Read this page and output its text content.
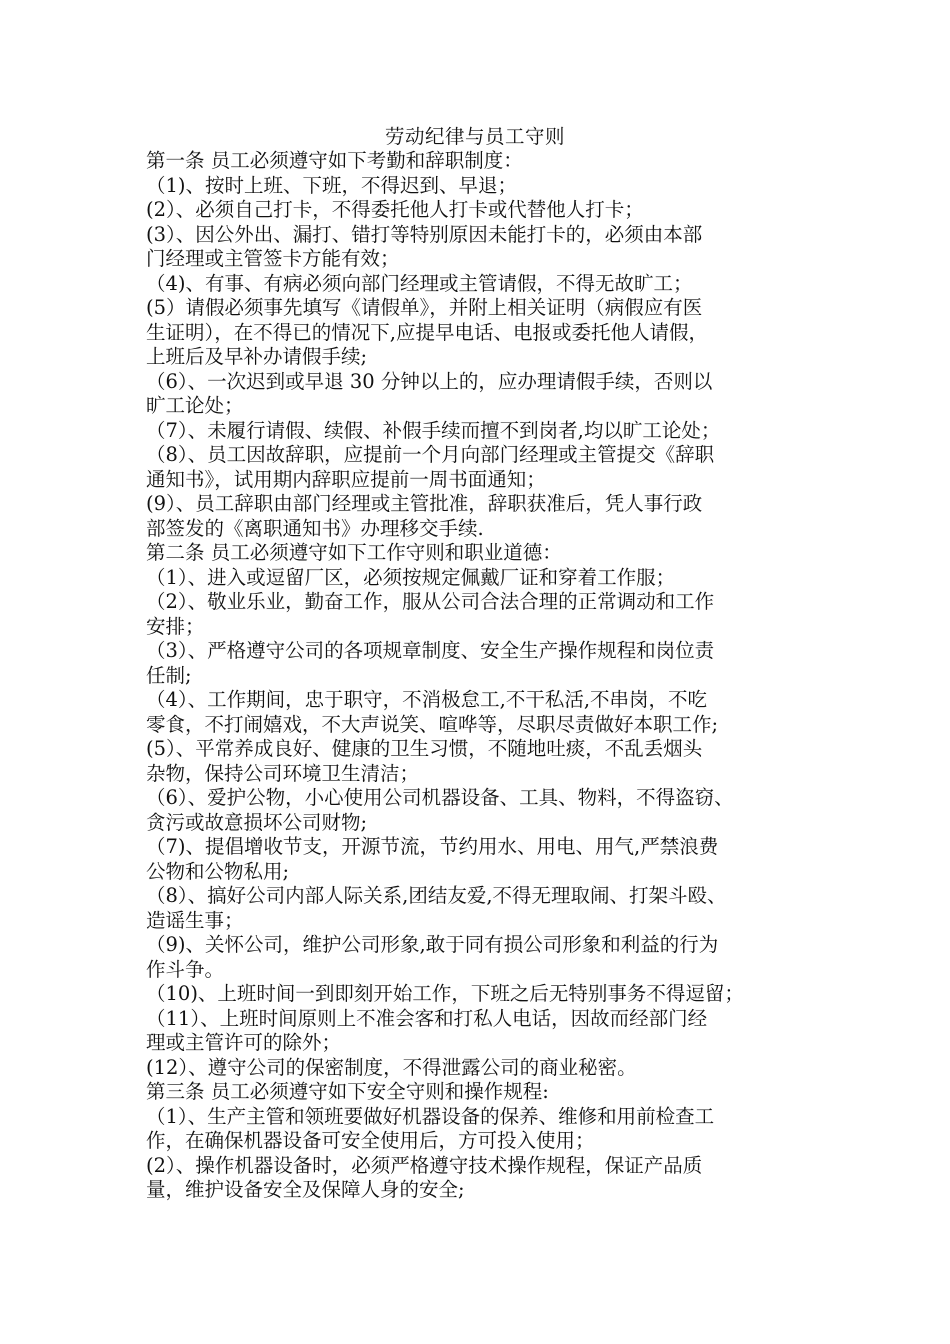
劳动纪律与员工守则
第一条 员工必须遵守如下考勤和辞职制度：
（1)、按时上班、下班，不得迟到、早退；
(2）、必须自己打卡，不得委托他人打卡或代替他人打卡；
(3）、因公外出、漏打、错打等特别原因未能打卡的，必须由本部
门经理或主管签卡方能有效；
（4)、有事、有病必须向部门经理或主管请假，不得无故旷工；
(5）请假必须事先填写《请假单》，并附上相关证明（病假应有医
生证明），在不得已的情况下,应提早电话、电报或委托他人请假，
上班后及早补办请假手续;
（6）、一次迟到或早退 30 分钟以上的，应办理请假手续，否则以
旷工论处；
（7）、未履行请假、续假、补假手续而擅不到岗者,均以旷工论处；
（8）、员工因故辞职，应提前一个月向部门经理或主管提交《辞职
通知书》，试用期内辞职应提前一周书面通知；
(9）、员工辞职由部门经理或主管批准，辞职获准后，凭人事行政
部签发的《离职通知书》办理移交手续.
第二条 员工必须遵守如下工作守则和职业道德：
（1）、进入或逗留厂区，必须按规定佩戴厂证和穿着工作服；
（2）、敬业乐业，勤奋工作，服从公司合法合理的正常调动和工作
安排；
（3）、严格遵守公司的各项规章制度、安全生产操作规程和岗位责
任制;
（4）、工作期间，忠于职守，不消极怠工,不干私活,不串岗，不吃
零食，不打闹嬉戏，不大声说笑、喧哗等，尽职尽责做好本职工作;
(5）、平常养成良好、健康的卫生习惯，不随地吐痰，不乱丢烟头
杂物，保持公司环境卫生清洁；
（6）、爱护公物，小心使用公司机器设备、工具、物料，不得盗窃、
贪污或故意损坏公司财物;
（7)、提倡增收节支，开源节流，节约用水、用电、用气,严禁浪费
公物和公物私用;
（8）、搞好公司内部人际关系,团结友爱,不得无理取闹、打架斗殴、
造谣生事；
（9)、关怀公司，维护公司形象,敢于同有损公司形象和利益的行为
作斗争。
（10)、上班时间一到即刻开始工作，下班之后无特别事务不得逗留；
（11）、上班时间原则上不准会客和打私人电话，因故而经部门经
理或主管许可的除外；
(12）、遵守公司的保密制度，不得泄露公司的商业秘密。
第三条 员工必须遵守如下安全守则和操作规程:
（1）、生产主管和领班要做好机器设备的保养、维修和用前检查工
作，在确保机器设备可安全使用后，方可投入使用；
(2）、操作机器设备时，必须严格遵守技术操作规程，保证产品质
量，维护设备安全及保障人身的安全;
